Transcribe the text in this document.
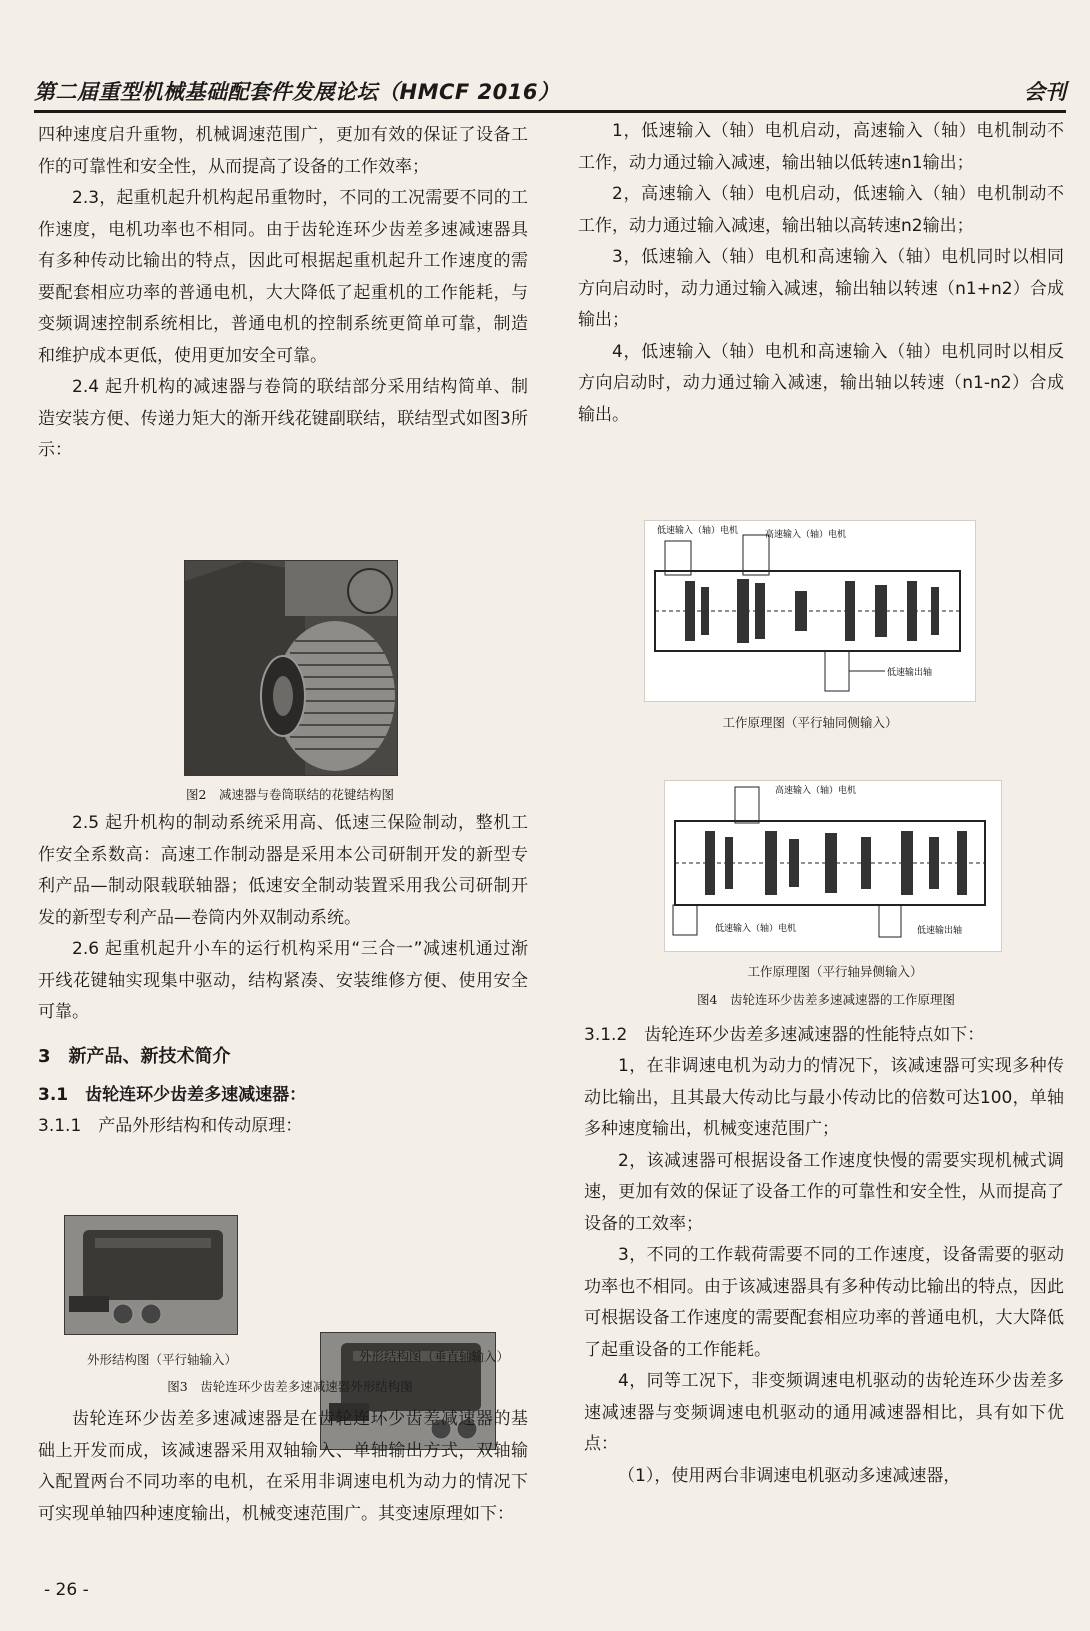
第二届重型机械基础配套件发展论坛（HMCF 2016）	会刊

四种速度启升重物，机械调速范围广，更加有效的保证了设备工作的可靠性和安全性，从而提高了设备的工作效率；

2.3，起重机起升机构起吊重物时，不同的工况需要不同的工作速度，电机功率也不相同。由于齿轮连环少齿差多速减速器具有多种传动比输出的特点，因此可根据起重机起升工作速度的需要配套相应功率的普通电机，大大降低了起重机的工作能耗，与变频调速控制系统相比，普通电机的控制系统更简单可靠，制造和维护成本更低，使用更加安全可靠。

2.4 起升机构的减速器与卷筒的联结部分采用结构简单、制造安装方便、传递力矩大的渐开线花键副联结，联结型式如图3所示：

图2　减速器与卷筒联结的花键结构图

2.5 起升机构的制动系统采用高、低速三保险制动，整机工作安全系数高：高速工作制动器是采用本公司研制开发的新型专利产品—制动限载联轴器；低速安全制动装置采用我公司研制开发的新型专利产品—卷筒内外双制动系统。

2.6 起重机起升小车的运行机构采用“三合一”减速机通过渐开线花键轴实现集中驱动，结构紧凑、安装维修方便、使用安全可靠。

3　新产品、新技术简介
3.1　齿轮连环少齿差多速减速器：
3.1.1　产品外形结构和传动原理：
外形结构图（平行轴输入）	外形结构图（垂直轴输入）
图3　齿轮连环少齿差多速减速器外形结构图

齿轮连环少齿差多速减速器是在齿轮连环少齿差减速器的基础上开发而成，该减速器采用双轴输入、单轴输出方式，双轴输入配置两台不同功率的电机，在采用非调速电机为动力的情况下可实现单轴四种速度输出，机械变速范围广。其变速原理如下：

1，低速输入（轴）电机启动，高速输入（轴）电机制动不工作，动力通过输入减速，输出轴以低转速n1输出；

2，高速输入（轴）电机启动，低速输入（轴）电机制动不工作，动力通过输入减速，输出轴以高转速n2输出；

3，低速输入（轴）电机和高速输入（轴）电机同时以相同方向启动时，动力通过输入减速，输出轴以转速（n1+n2）合成输出；

4，低速输入（轴）电机和高速输入（轴）电机同时以相反方向启动时，动力通过输入减速，输出轴以转速（n1-n2）合成输出。

低速输入（轴）电机	高速输入（轴）电机
低速输出轴
工作原理图（平行轴同侧输入）
高速输入（轴）电机
低速输入（轴）电机	低速输出轴
工作原理图（平行轴异侧输入）
图4　齿轮连环少齿差多速减速器的工作原理图
3.1.2　齿轮连环少齿差多速减速器的性能特点如下：

1，在非调速电机为动力的情况下，该减速器可实现多种传动比输出，且其最大传动比与最小传动比的倍数可达100，单轴多种速度输出，机械变速范围广；

2，该减速器可根据设备工作速度快慢的需要实现机械式调速，更加有效的保证了设备工作的可靠性和安全性，从而提高了设备的工效率；

3，不同的工作载荷需要不同的工作速度，设备需要的驱动功率也不相同。由于该减速器具有多种传动比输出的特点，因此可根据设备工作速度的需要配套相应功率的普通电机，大大降低了起重设备的工作能耗。

4，同等工况下，非变频调速电机驱动的齿轮连环少齿差多速减速器与变频调速电机驱动的通用减速器相比，具有如下优点：

（1），使用两台非调速电机驱动多速减速器，

- 26 -
